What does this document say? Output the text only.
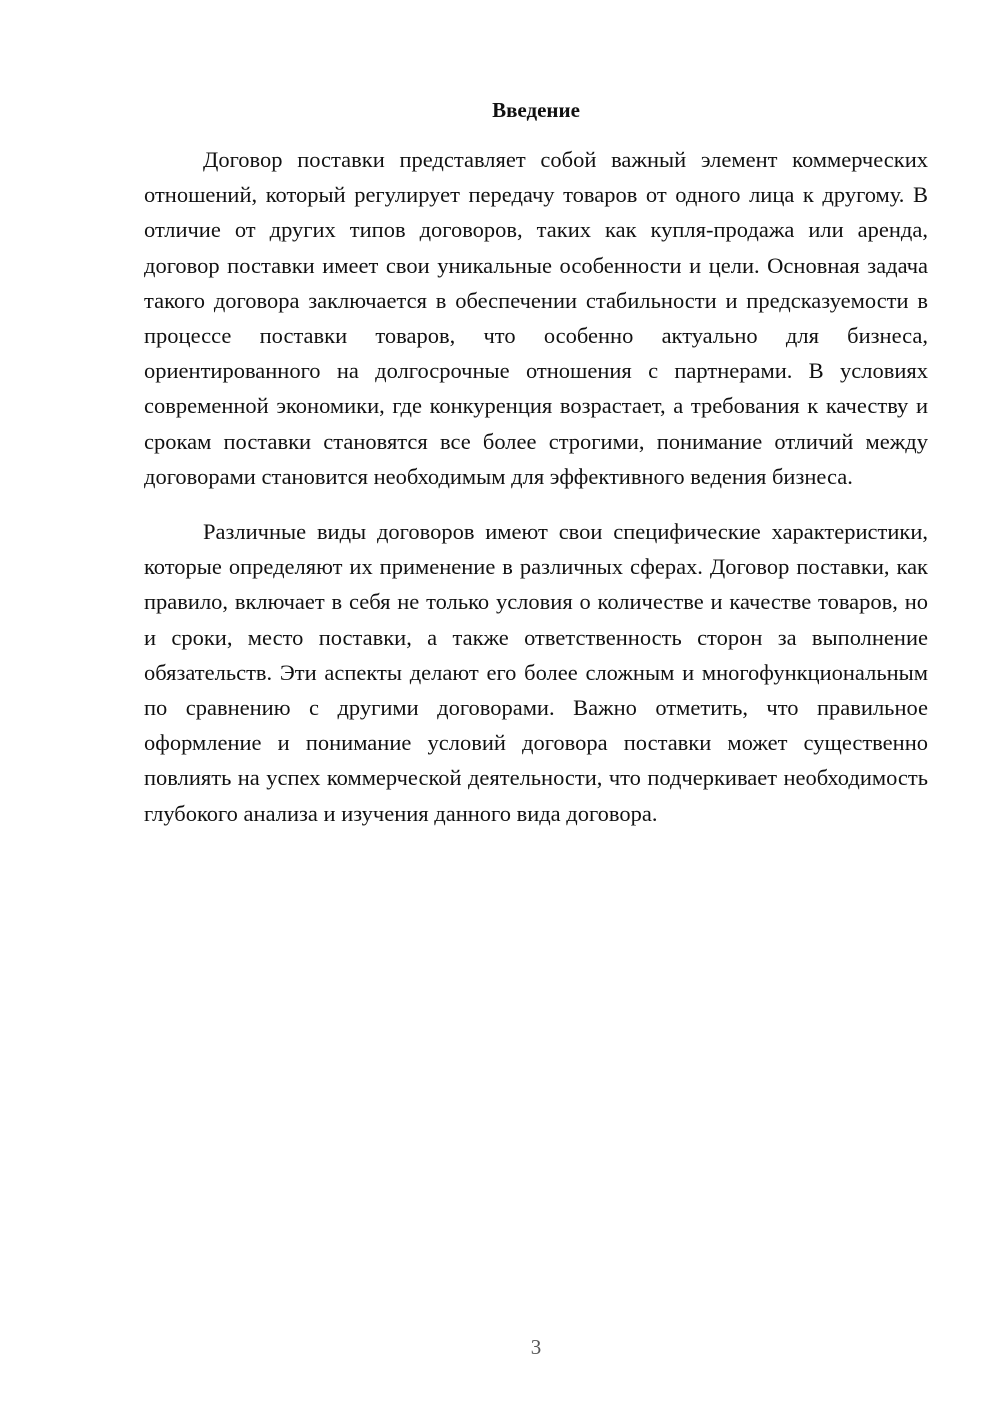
Введение

Договор поставки представляет собой важный элемент коммерческих отношений, который регулирует передачу товаров от одного лица к другому. В отличие от других типов договоров, таких как купля-продажа или аренда, договор поставки имеет свои уникальные особенности и цели. Основная задача такого договора заключается в обеспечении стабильности и предсказуемости в процессе поставки товаров, что особенно актуально для бизнеса, ориентированного на долгосрочные отношения с партнерами. В условиях современной экономики, где конкуренция возрастает, а требования к качеству и срокам поставки становятся все более строгими, понимание отличий между договорами становится необходимым для эффективного ведения бизнеса.

Различные виды договоров имеют свои специфические характеристики, которые определяют их применение в различных сферах. Договор поставки, как правило, включает в себя не только условия о количестве и качестве товаров, но и сроки, место поставки, а также ответственность сторон за выполнение обязательств. Эти аспекты делают его более сложным и многофункциональным по сравнению с другими договорами. Важно отметить, что правильное оформление и понимание условий договора поставки может существенно повлиять на успех коммерческой деятельности, что подчеркивает необходимость глубокого анализа и изучения данного вида договора.

3
